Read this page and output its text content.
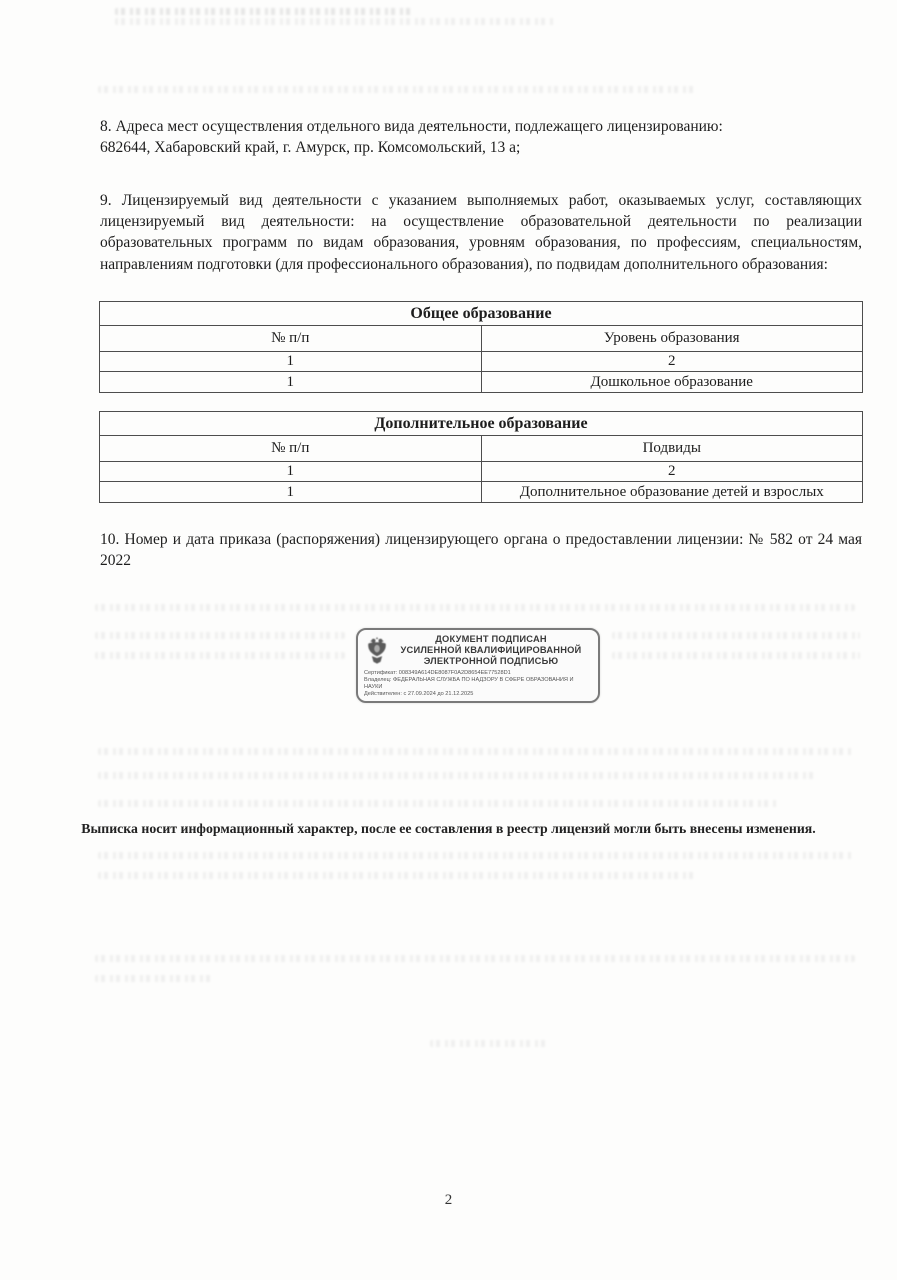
8. Адреса мест осуществления отдельного вида деятельности, подлежащего лицензированию:
682644, Хабаровский край, г. Амурск, пр. Комсомольский, 13 а;
9. Лицензируемый вид деятельности с указанием выполняемых работ, оказываемых услуг, составляющих лицензируемый вид деятельности: на осуществление образовательной деятельности по реализации образовательных программ по видам образования, уровням образования, по профессиям, специальностям, направлениям подготовки (для профессионального образования), по подвидам дополнительного образования:
Общее образование	
№ п/п	Уровень образования
1	2
1	Дошкольное образование
Дополнительное образование	
№ п/п	Подвиды
1	2
1	Дополнительное образование детей и взрослых
10. Номер и дата приказа (распоряжения) лицензирующего органа о предоставлении лицензии: № 582 от 24 мая 2022
ДОКУМЕНТ ПОДПИСАН
УСИЛЕННОЙ КВАЛИФИЦИРОВАННОЙ
ЭЛЕКТРОННОЙ ПОДПИСЬЮ
Сертификат: 008349A614DE8087F0A2D8654EE77528D1
Владелец: ФЕДЕРАЛЬНАЯ СЛУЖБА ПО НАДЗОРУ В СФЕРЕ ОБРАЗОВАНИЯ И НАУКИ
Действителен: с 27.09.2024 до 21.12.2025
Выписка носит информационный характер, после ее составления в реестр лицензий могли быть внесены изменения.
2
